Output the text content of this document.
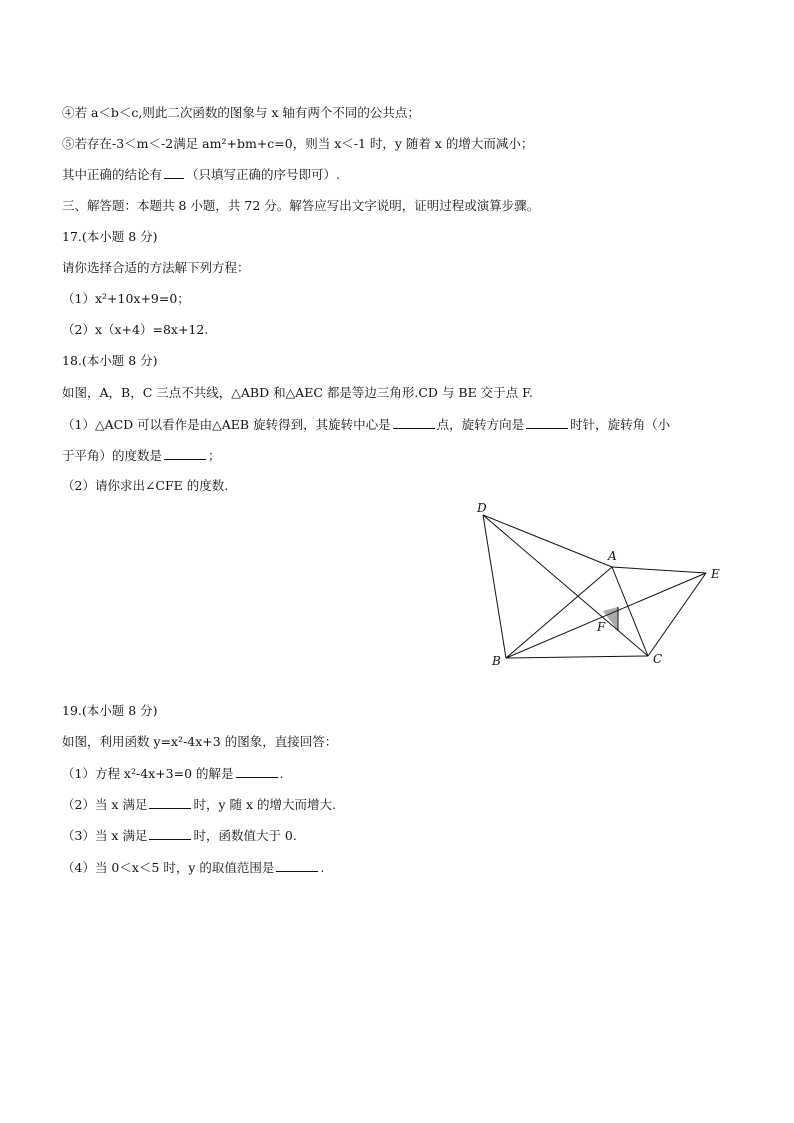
④若 a＜b＜c,则此二次函数的图象与 x 轴有两个不同的公共点；
⑤若存在-3＜m＜-2满足 am²+bm+c=0，则当 x＜-1 时，y 随着 x 的增大而减小；
其中正确的结论有 （只填写正确的序号即可）.
三、解答题：本题共 8 小题，共 72 分。解答应写出文字说明，证明过程或演算步骤。
17.(本小题 8 分)
请你选择合适的方法解下列方程：
（1）x²+10x+9=0；
（2）x（x+4）=8x+12.
18.(本小题 8 分)
如图，A，B，C 三点不共线，△ABD 和△AEC 都是等边三角形.CD 与 BE 交于点 F.
（1）△ACD 可以看作是由△AEB 旋转得到，其旋转中心是	点，旋转方向是	时针，旋转角（小
于平角）的度数是	；
（2）请你求出∠CFE 的度数.
D
A
E
F
B	C
19.(本小题 8 分)
如图，利用函数 y=x²-4x+3 的图象，直接回答：
（1）方程 x²-4x+3=0 的解是	.
（2）当 x 满足	时，y 随 x 的增大而增大.
（3）当 x 满足	时，函数值大于 0.
（4）当 0＜x＜5 时，y 的取值范围是	.
